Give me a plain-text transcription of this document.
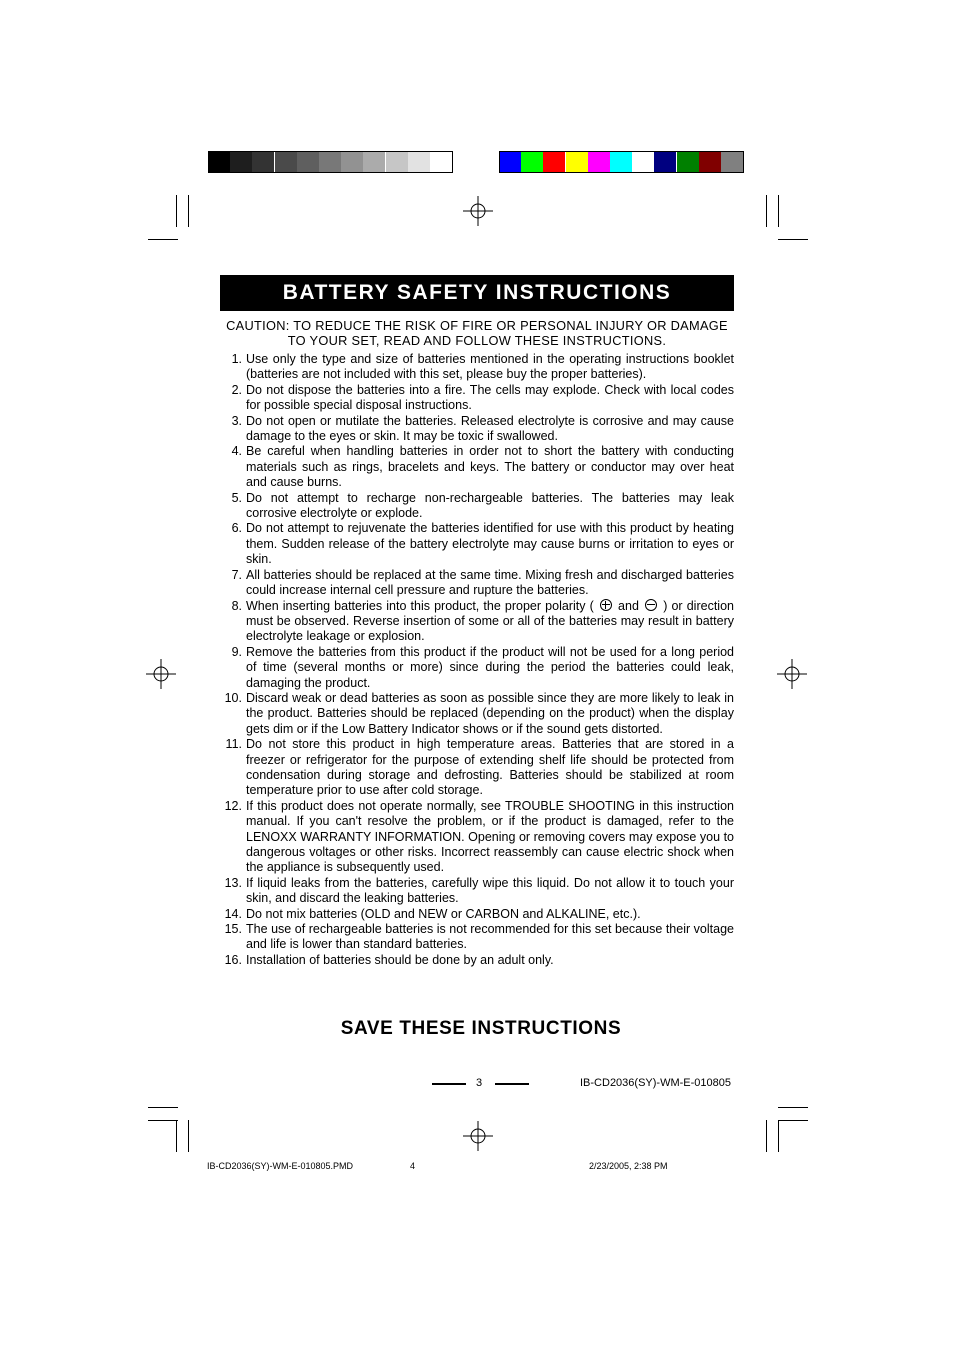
BATTERY SAFETY INSTRUCTIONS
CAUTION: TO REDUCE THE RISK OF FIRE OR PERSONAL INJURY OR DAMAGE
TO YOUR SET, READ AND FOLLOW THESE INSTRUCTIONS.
1. Use only the type and size of batteries mentioned in the operating instructions booklet (batteries are not included with this set, please buy the proper batteries).
2. Do not dispose the batteries into a fire. The cells may explode. Check with local codes for possible special disposal instructions.
3. Do not open or mutilate the batteries. Released electrolyte is corrosive and may cause damage to the eyes or skin. It may be toxic if swallowed.
4. Be careful when handling batteries in order not to short the battery with conducting materials such as rings, bracelets and keys. The battery or conductor may over heat and cause burns.
5. Do not attempt to recharge non-rechargeable batteries. The batteries may leak corrosive electrolyte or explode.
6. Do not attempt to rejuvenate the batteries identified for use with this product by heating them. Sudden release of the battery electrolyte may cause burns or irritation to eyes or skin.
7. All batteries should be replaced at the same time. Mixing fresh and discharged batteries could increase internal cell pressure and rupture the batteries.
8. When inserting batteries into this product, the proper polarity ( and ) or direction must be observed. Reverse insertion of some or all of the batteries may result in battery electrolyte leakage or explosion.
9. Remove the batteries from this product if the product will not be used for a long period of time (several months or more) since during the period the batteries could leak, damaging the product.
10. Discard weak or dead batteries as soon as possible since they are more likely to leak in the product. Batteries should be replaced (depending on the product) when the display gets dim or if the Low Battery Indicator shows or if the sound gets distorted.
11. Do not store this product in high temperature areas. Batteries that are stored in a freezer or refrigerator for the purpose of extending shelf life should be protected from condensation during storage and defrosting. Batteries should be stabilized at room temperature prior to use after cold storage.
12. If this product does not operate normally, see TROUBLE SHOOTING in this instruction manual. If you can't resolve the problem, or if the product is damaged, refer to the LENOXX WARRANTY INFORMATION. Opening or removing covers may expose you to dangerous voltages or other risks. Incorrect reassembly can cause electric shock when the appliance is subsequently used.
13. If liquid leaks from the batteries, carefully wipe this liquid. Do not allow it to touch your skin, and discard the leaking batteries.
14. Do not mix batteries (OLD and NEW or CARBON and ALKALINE, etc.).
15. The use of rechargeable batteries is not recommended for this set because their voltage and life is lower than standard batteries.
16. Installation of batteries should be done by an adult only.
SAVE THESE INSTRUCTIONS
3	IB-CD2036(SY)-WM-E-010805
IB-CD2036(SY)-WM-E-010805.PMD	4	2/23/2005, 2:38 PM
